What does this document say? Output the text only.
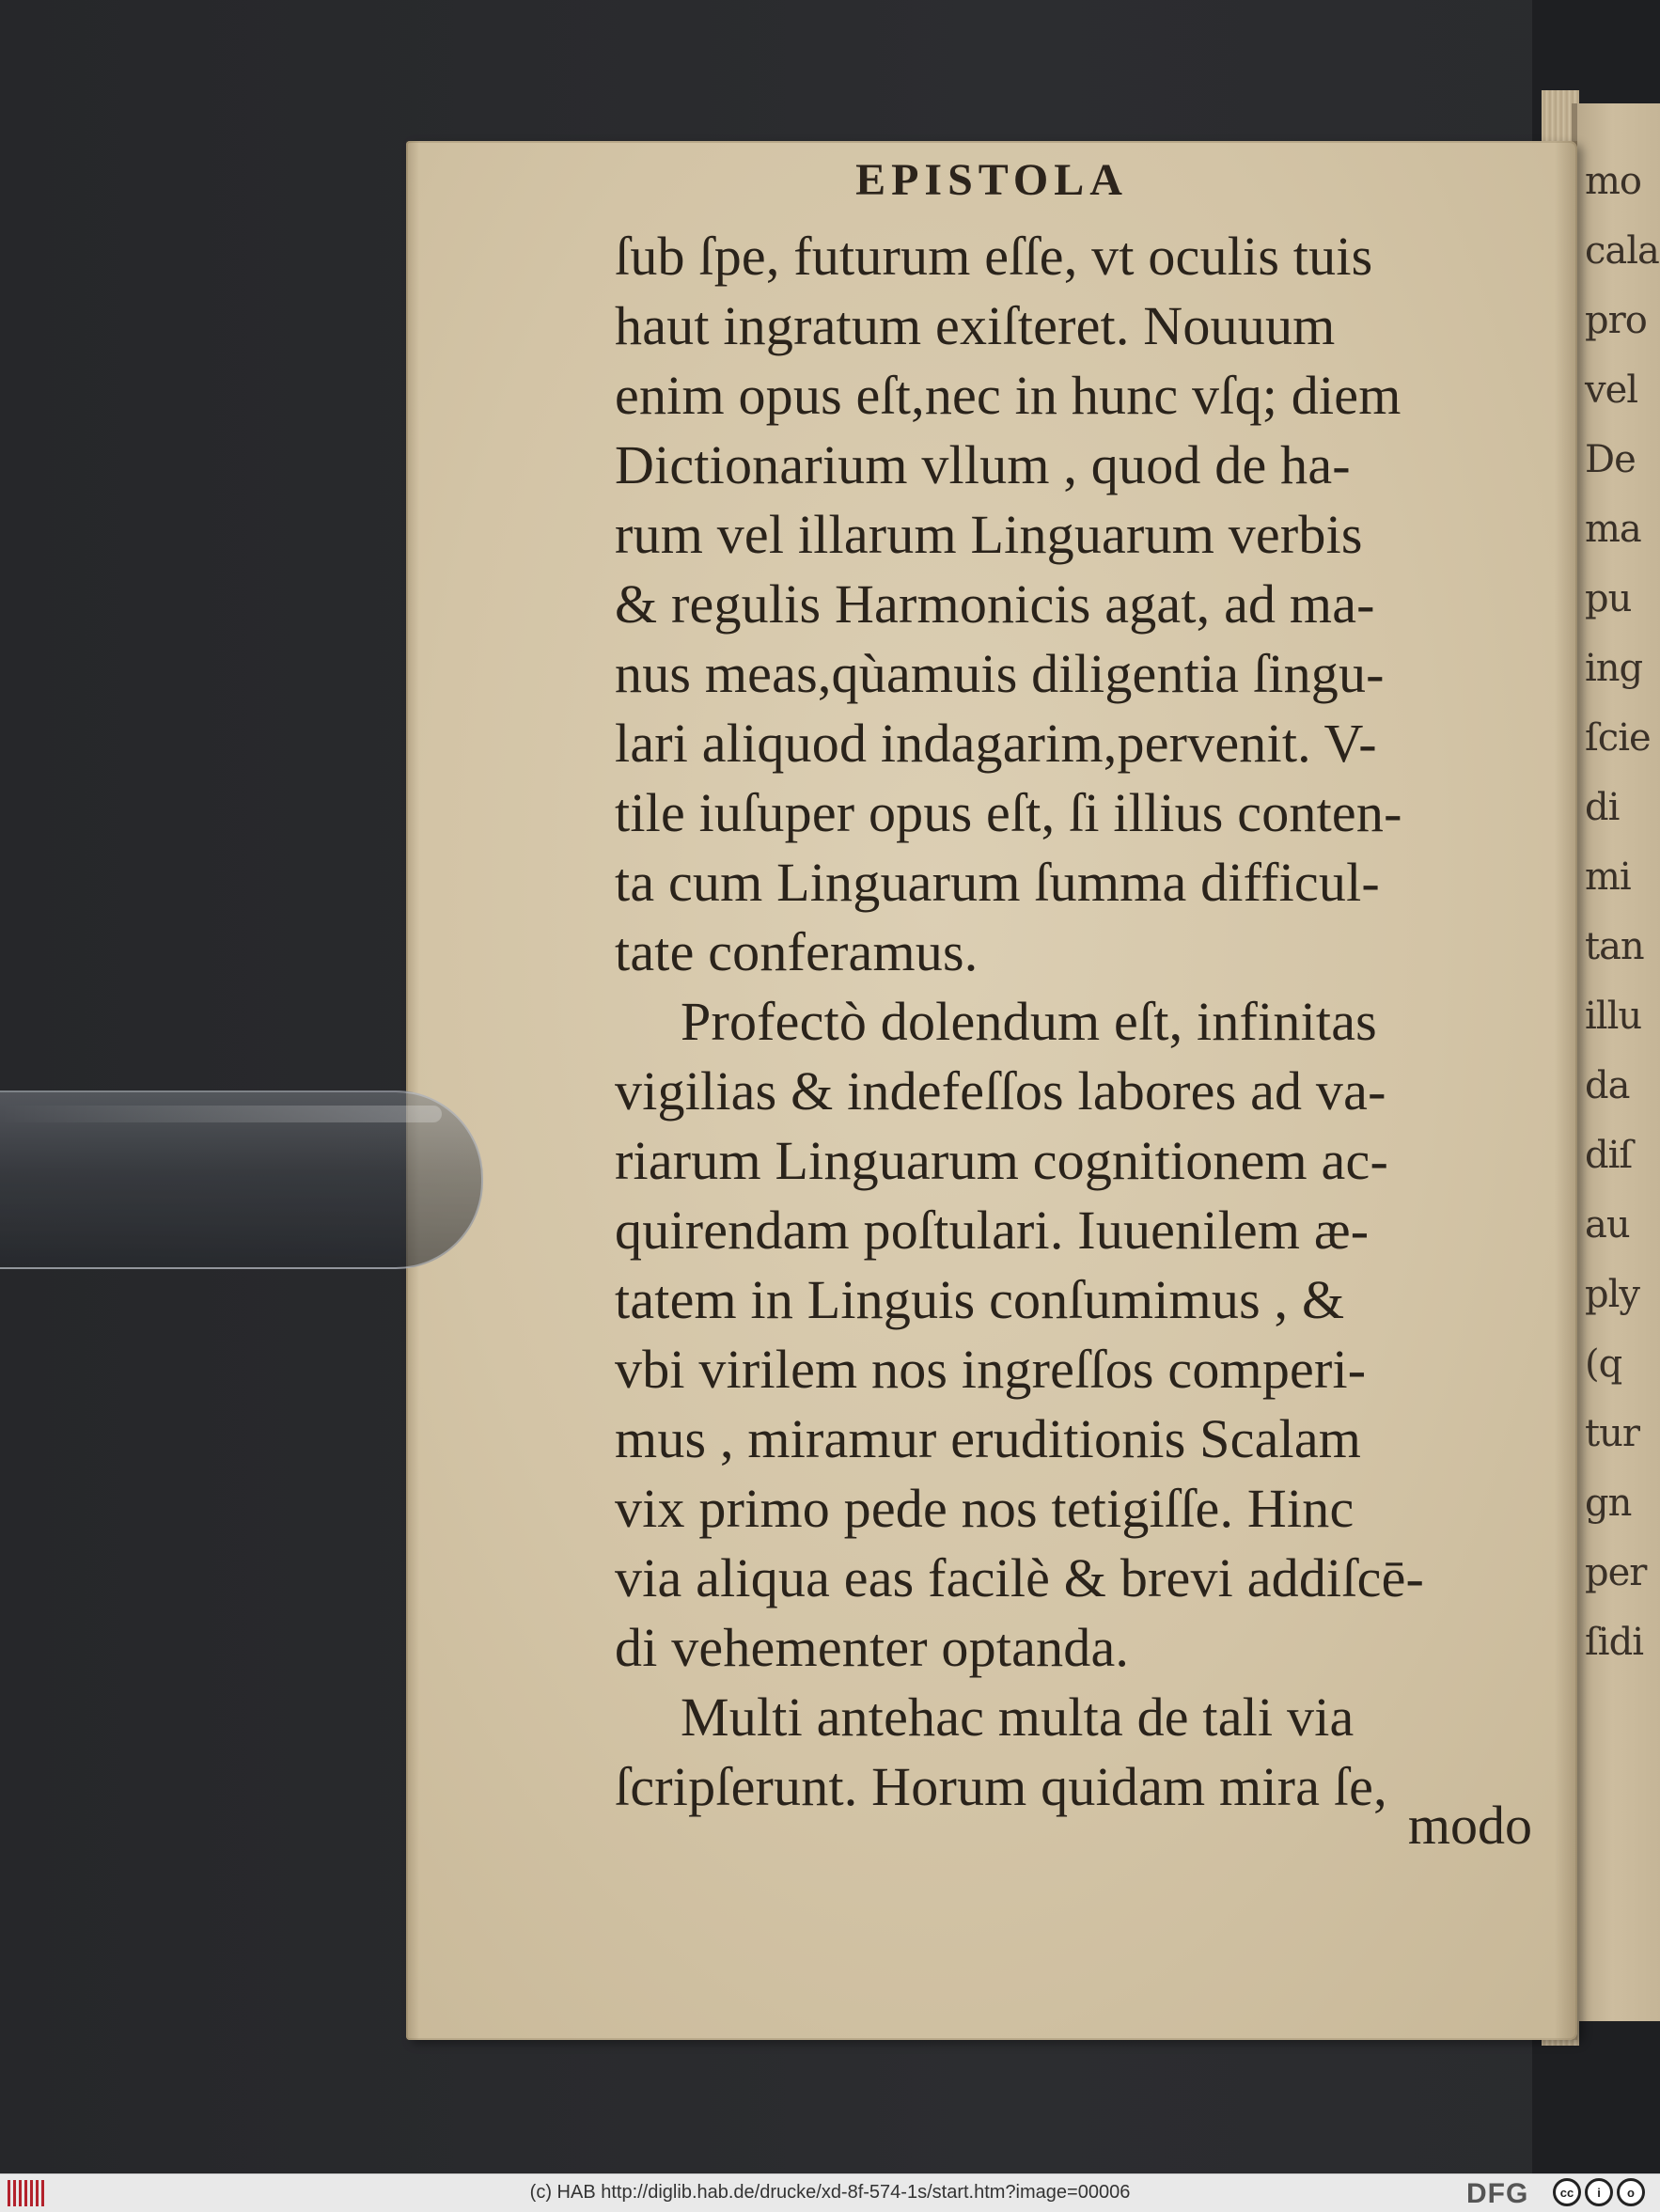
mo
cala
pro
vel
De
ma
pu
ing
ſcie
di
mi
tan
illu
da
diſ
au
ply
(q
tur
gn
per
ſidi
EPISTOLA
ſub ſpe, futurum eſſe, vt oculis tuis
haut ingratum exiſteret. Nouuum
enim opus eſt,nec in hunc vſq; diem
Dictionarium vllum , quod de ha-
rum vel illarum Linguarum verbis
& regulis Harmonicis agat, ad ma-
nus meas,qùamuis diligentia ſingu-
lari aliquod indagarim,pervenit. V-
tile iuſuper opus eſt, ſi illius conten-
ta cum Linguarum ſumma difficul-
tate conferamus.
Profectò dolendum eſt, infinitas
vigilias & indefeſſos labores ad va-
riarum Linguarum cognitionem ac-
quirendam poſtulari. Iuuenilem æ-
tatem in Linguis conſumimus , &
vbi virilem nos ingreſſos comperi-
mus , miramur eruditionis Scalam
vix primo pede nos tetigiſſe. Hinc
via aliqua eas facilè & brevi addiſcē-
di vehementer optanda.
Multi antehac multa de tali via
ſcripſerunt. Horum quidam mira ſe,
modo
(c) HAB http://diglib.hab.de/drucke/xd-8f-574-1s/start.htm?image=00006	DFG	cc	i	o
